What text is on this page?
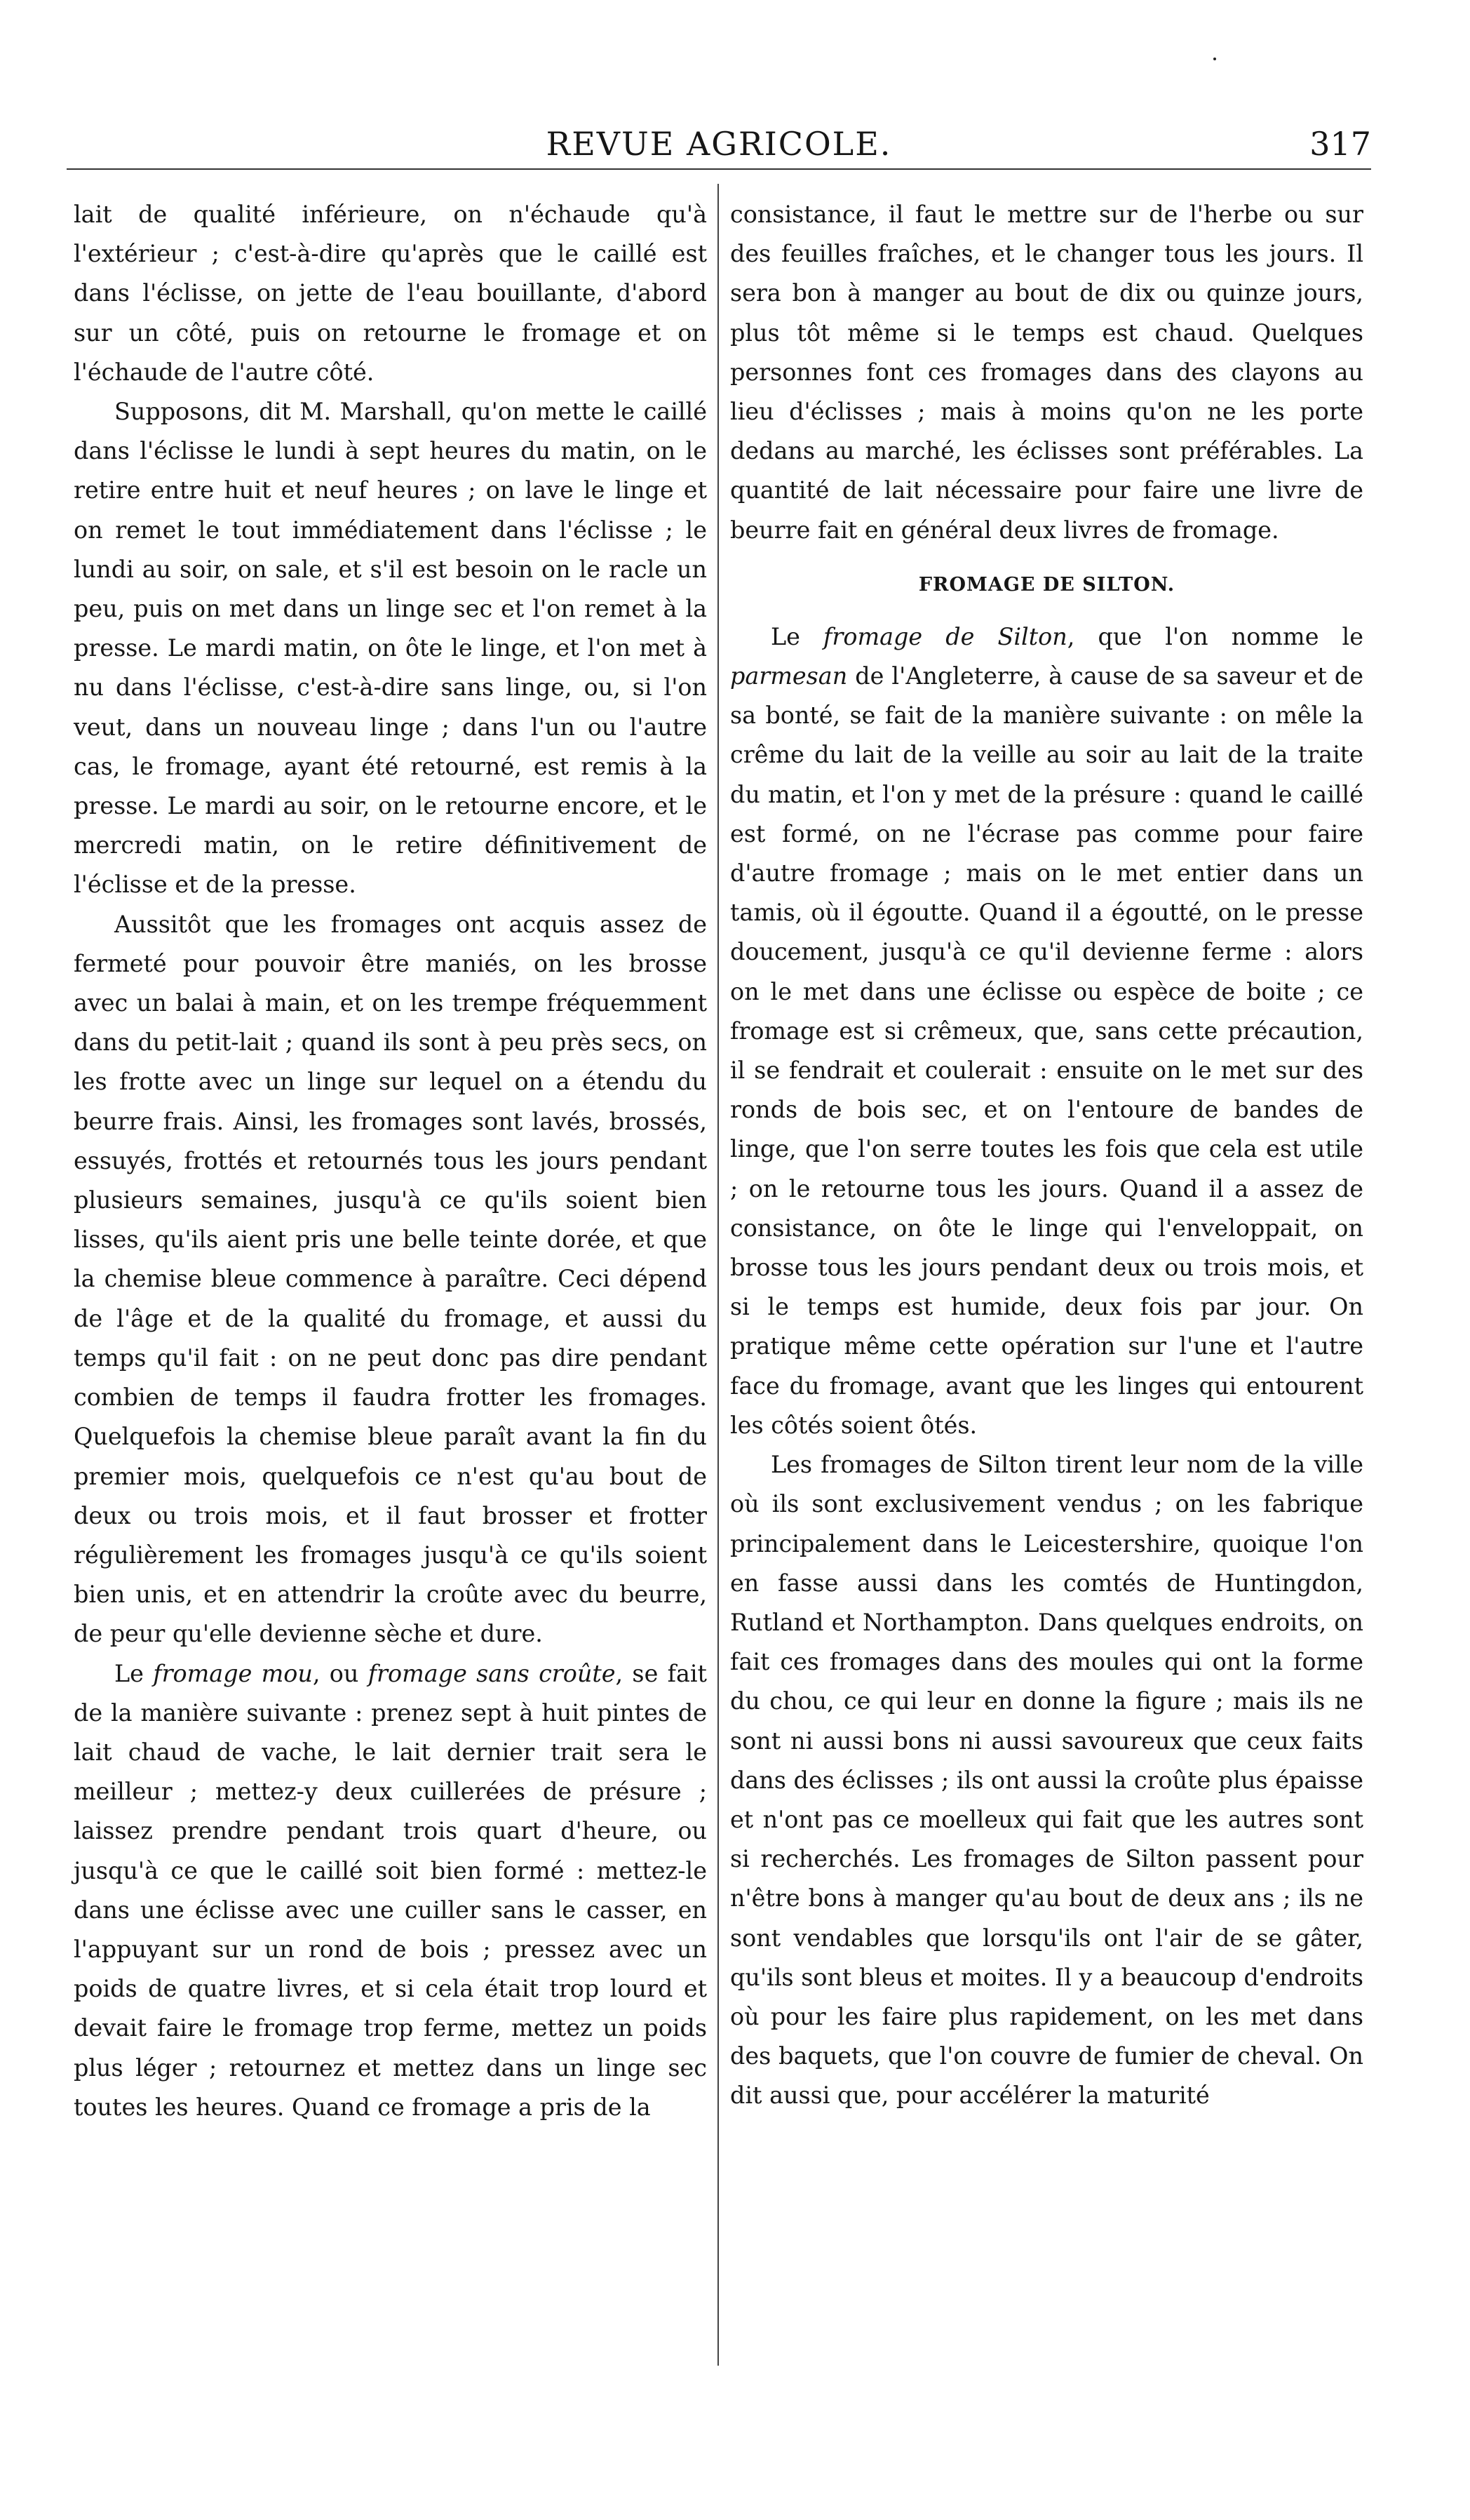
REVUE AGRICOLE.	317

lait de qualité inférieure, on n'échaude qu'à l'extérieur ; c'est-à-dire qu'après que le caillé est dans l'éclisse, on jette de l'eau bouillante, d'abord sur un côté, puis on retourne le fromage et on l'échaude de l'autre côté.

Supposons, dit M. Marshall, qu'on mette le caillé dans l'éclisse le lundi à sept heures du matin, on le retire entre huit et neuf heures ; on lave le linge et on remet le tout immédiatement dans l'éclisse ; le lundi au soir, on sale, et s'il est besoin on le racle un peu, puis on met dans un linge sec et l'on remet à la presse. Le mardi matin, on ôte le linge, et l'on met à nu dans l'éclisse, c'est-à-dire sans linge, ou, si l'on veut, dans un nouveau linge ; dans l'un ou l'autre cas, le fromage, ayant été retourné, est remis à la presse. Le mardi au soir, on le retourne encore, et le mercredi matin, on le retire définitivement de l'éclisse et de la presse.

Aussitôt que les fromages ont acquis assez de fermeté pour pouvoir être maniés, on les brosse avec un balai à main, et on les trempe fréquemment dans du petit-lait ; quand ils sont à peu près secs, on les frotte avec un linge sur lequel on a étendu du beurre frais. Ainsi, les fromages sont lavés, brossés, essuyés, frottés et retournés tous les jours pendant plusieurs semaines, jusqu'à ce qu'ils soient bien lisses, qu'ils aient pris une belle teinte dorée, et que la chemise bleue commence à paraître. Ceci dépend de l'âge et de la qualité du fromage, et aussi du temps qu'il fait : on ne peut donc pas dire pendant combien de temps il faudra frotter les fromages. Quelquefois la chemise bleue paraît avant la fin du premier mois, quelquefois ce n'est qu'au bout de deux ou trois mois, et il faut brosser et frotter régulièrement les fromages jusqu'à ce qu'ils soient bien unis, et en attendrir la croûte avec du beurre, de peur qu'elle devienne sèche et dure.

Le fromage mou, ou fromage sans croûte, se fait de la manière suivante : prenez sept à huit pintes de lait chaud de vache, le lait dernier trait sera le meilleur ; mettez-y deux cuillerées de présure ; laissez prendre pendant trois quart d'heure, ou jusqu'à ce que le caillé soit bien formé : mettez-le dans une éclisse avec une cuiller sans le casser, en l'appuyant sur un rond de bois ; pressez avec un poids de quatre livres, et si cela était trop lourd et devait faire le fromage trop ferme, mettez un poids plus léger ; retournez et mettez dans un linge sec toutes les heures. Quand ce fromage a pris de la

consistance, il faut le mettre sur de l'herbe ou sur des feuilles fraîches, et le changer tous les jours. Il sera bon à manger au bout de dix ou quinze jours, plus tôt même si le temps est chaud. Quelques personnes font ces fromages dans des clayons au lieu d'éclisses ; mais à moins qu'on ne les porte dedans au marché, les éclisses sont préférables. La quantité de lait nécessaire pour faire une livre de beurre fait en général deux livres de fromage.

FROMAGE DE SILTON.

Le fromage de Silton, que l'on nomme le parmesan de l'Angleterre, à cause de sa saveur et de sa bonté, se fait de la manière suivante : on mêle la crême du lait de la veille au soir au lait de la traite du matin, et l'on y met de la présure : quand le caillé est formé, on ne l'écrase pas comme pour faire d'autre fromage ; mais on le met entier dans un tamis, où il égoutte. Quand il a égoutté, on le presse doucement, jusqu'à ce qu'il devienne ferme : alors on le met dans une éclisse ou espèce de boite ; ce fromage est si crêmeux, que, sans cette précaution, il se fendrait et coulerait : ensuite on le met sur des ronds de bois sec, et on l'entoure de bandes de linge, que l'on serre toutes les fois que cela est utile ; on le retourne tous les jours. Quand il a assez de consistance, on ôte le linge qui l'enveloppait, on brosse tous les jours pendant deux ou trois mois, et si le temps est humide, deux fois par jour. On pratique même cette opération sur l'une et l'autre face du fromage, avant que les linges qui entourent les côtés soient ôtés.

Les fromages de Silton tirent leur nom de la ville où ils sont exclusivement vendus ; on les fabrique principalement dans le Leicestershire, quoique l'on en fasse aussi dans les comtés de Huntingdon, Rutland et Northampton. Dans quelques endroits, on fait ces fromages dans des moules qui ont la forme du chou, ce qui leur en donne la figure ; mais ils ne sont ni aussi bons ni aussi savoureux que ceux faits dans des éclisses ; ils ont aussi la croûte plus épaisse et n'ont pas ce moelleux qui fait que les autres sont si recherchés. Les fromages de Silton passent pour n'être bons à manger qu'au bout de deux ans ; ils ne sont vendables que lorsqu'ils ont l'air de se gâter, qu'ils sont bleus et moites. Il y a beaucoup d'endroits où pour les faire plus rapidement, on les met dans des baquets, que l'on couvre de fumier de cheval. On dit aussi que, pour accélérer la maturité
